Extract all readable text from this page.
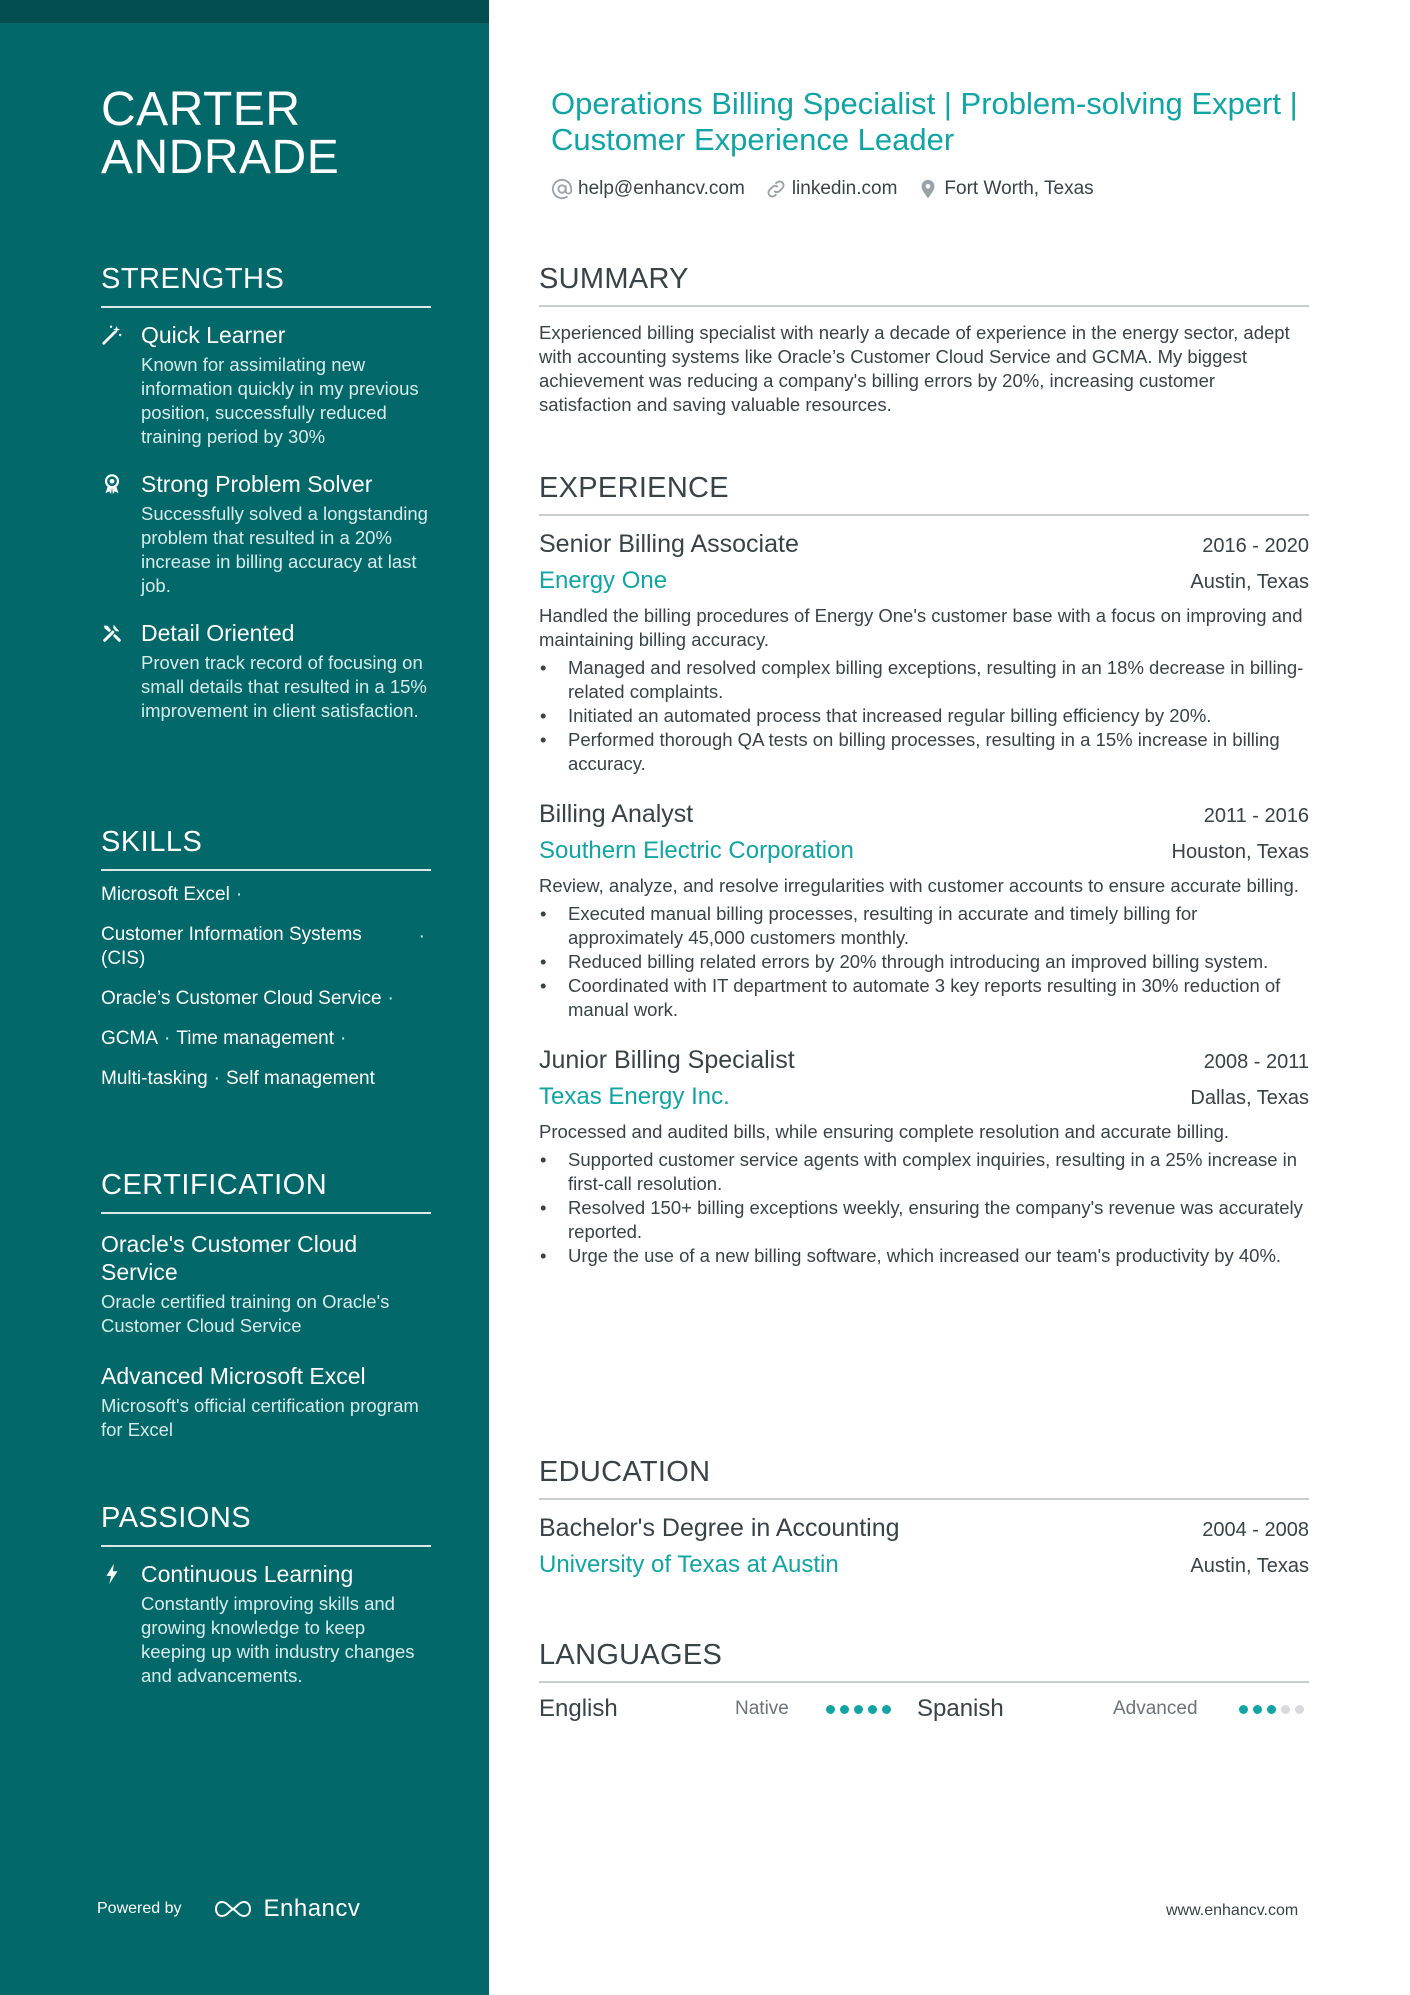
CARTER
ANDRADE
STRENGTHS
Quick Learner
Known for assimilating new information quickly in my previous position, successfully reduced training period by 30%
Strong Problem Solver
Successfully solved a longstanding problem that resulted in a 20% increase in billing accuracy at last job.
Detail Oriented
Proven track record of focusing on small details that resulted in a 15% improvement in client satisfaction.
SKILLS
Microsoft Excel ·
Customer Information Systems (CIS)
·
Oracle’s Customer Cloud Service ·
GCMA · Time management ·
Multi-tasking · Self management
CERTIFICATION
Oracle's Customer Cloud Service
Oracle certified training on Oracle's Customer Cloud Service
Advanced Microsoft Excel
Microsoft's official certification program for Excel
PASSIONS
Continuous Learning
Constantly improving skills and growing knowledge to keep keeping up with industry changes and advancements.
Powered by	Enhancv
Operations Billing Specialist | Problem-solving Expert | Customer Experience Leader
help@enhancv.com linkedin.com Fort Worth, Texas
SUMMARY
Experienced billing specialist with nearly a decade of experience in the energy sector, adept with accounting systems like Oracle’s Customer Cloud Service and GCMA. My biggest achievement was reducing a company's billing errors by 20%, increasing customer satisfaction and saving valuable resources.
EXPERIENCE
Senior Billing Associate	2016 - 2020
Energy One	Austin, Texas
Handled the billing procedures of Energy One's customer base with a focus on improving and maintaining billing accuracy.
• Managed and resolved complex billing exceptions, resulting in an 18% decrease in billing-related complaints.
• Initiated an automated process that increased regular billing efficiency by 20%.
• Performed thorough QA tests on billing processes, resulting in a 15% increase in billing accuracy.
Billing Analyst	2011 - 2016
Southern Electric Corporation	Houston, Texas
Review, analyze, and resolve irregularities with customer accounts to ensure accurate billing.
• Executed manual billing processes, resulting in accurate and timely billing for approximately 45,000 customers monthly.
• Reduced billing related errors by 20% through introducing an improved billing system.
• Coordinated with IT department to automate 3 key reports resulting in 30% reduction of manual work.
Junior Billing Specialist	2008 - 2011
Texas Energy Inc.	Dallas, Texas
Processed and audited bills, while ensuring complete resolution and accurate billing.
• Supported customer service agents with complex inquiries, resulting in a 25% increase in first-call resolution.
• Resolved 150+ billing exceptions weekly, ensuring the company's revenue was accurately reported.
• Urge the use of a new billing software, which increased our team's productivity by 40%.
EDUCATION
Bachelor's Degree in Accounting	2004 - 2008
University of Texas at Austin	Austin, Texas
LANGUAGES
English	Native	Spanish	Advanced
www.enhancv.com
